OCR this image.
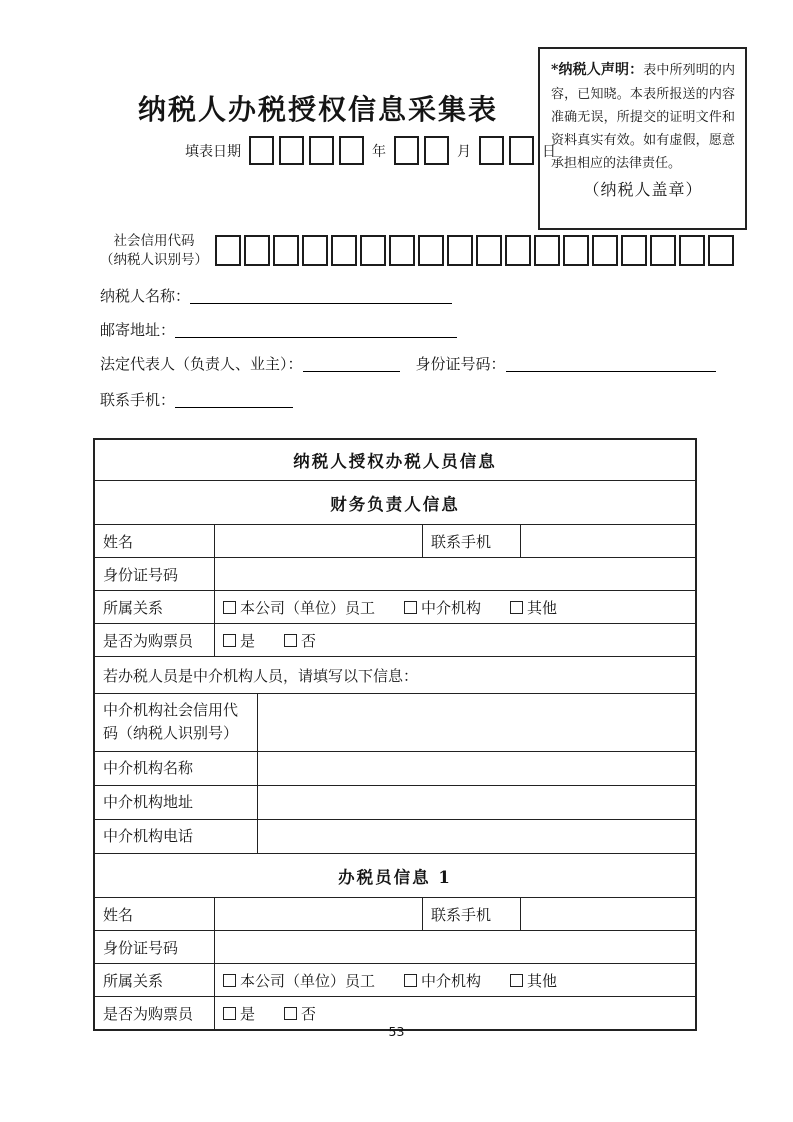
*纳税人声明：表中所列明的内容，已知晓。本表所报送的内容准确无误，所提交的证明文件和资料真实有效。如有虚假，愿意承担相应的法律责任。

（纳税人盖章）
纳税人办税授权信息采集表
填表日期	年	月	日
社会信用代码
（纳税人识别号）
纳税人名称：
邮寄地址：
法定代表人（负责人、业主）：	身份证号码：
联系手机：
纳税人授权办税人员信息
财务负责人信息
姓名	联系手机
身份证号码
所属关系	本公司（单位）员工	中介机构	其他
是否为购票员	是	否
若办税人员是中介机构人员，请填写以下信息：
中介机构社会信用代码（纳税人识别号）
中介机构名称
中介机构地址
中介机构电话
办税员信息 1
姓名	联系手机
身份证号码
所属关系	本公司（单位）员工	中介机构	其他
是否为购票员	是	否
53
